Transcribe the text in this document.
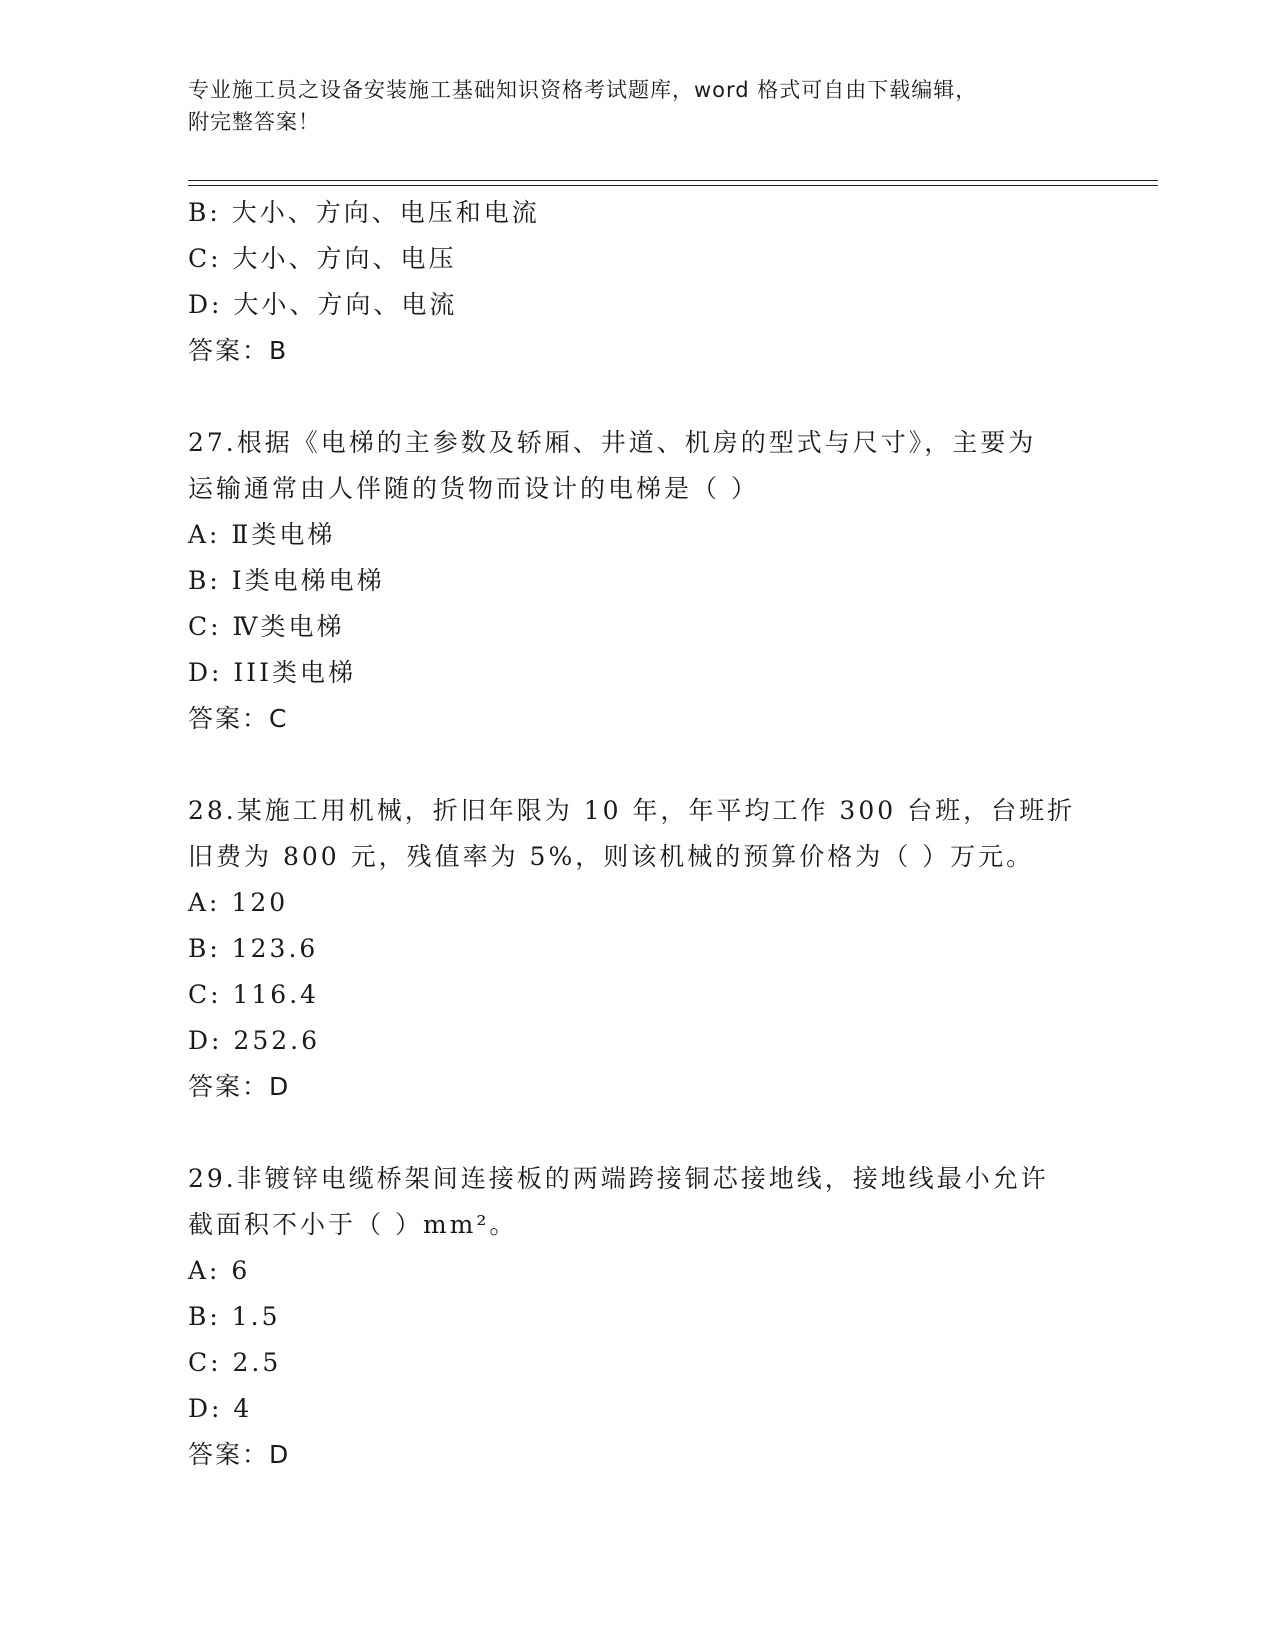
专业施工员之设备安装施工基础知识资格考试题库，word 格式可自由下载编辑，
附完整答案！
B: 大小、方向、电压和电流
C: 大小、方向、电压
D: 大小、方向、电流
答案：B
27.根据《电梯的主参数及轿厢、井道、机房的型式与尺寸》，主要为
运输通常由人伴随的货物而设计的电梯是（ ）
A: Ⅱ类电梯
B: Ⅰ类电梯电梯
C: Ⅳ类电梯
D: III类电梯
答案：C
28.某施工用机械，折旧年限为 10 年，年平均工作 300 台班，台班折
旧费为 800 元，残值率为 5%，则该机械的预算价格为（ ）万元。
A: 120
B: 123.6
C: 116.4
D: 252.6
答案：D
29.非镀锌电缆桥架间连接板的两端跨接铜芯接地线，接地线最小允许
截面积不小于（ ）mm²。
A: 6
B: 1.5
C: 2.5
D: 4
答案：D
